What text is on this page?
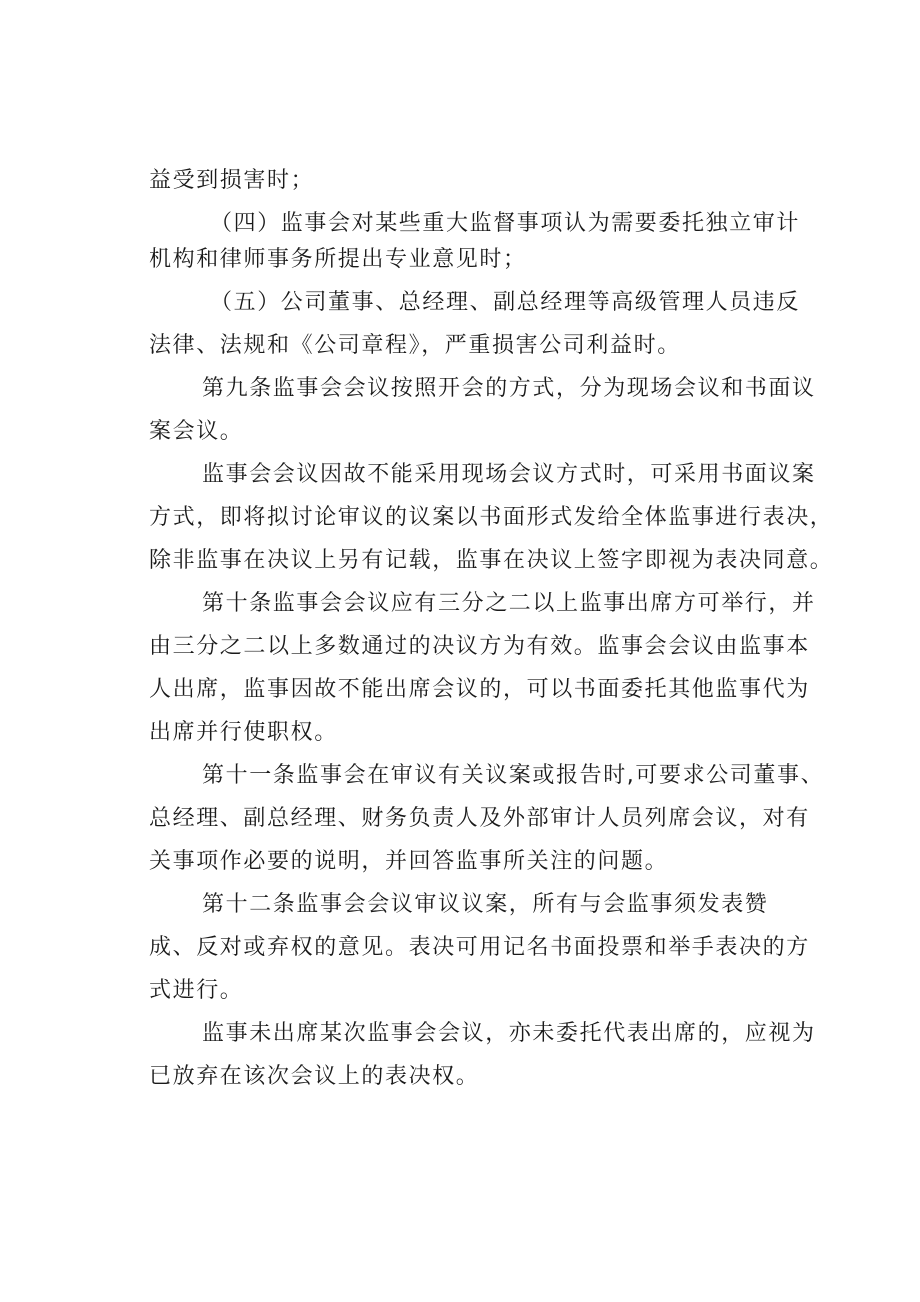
益受到损害时；
（四）监事会对某些重大监督事项认为需要委托独立审计
机构和律师事务所提出专业意见时；
（五）公司董事、总经理、副总经理等高级管理人员违反
法律、法规和《公司章程》，严重损害公司利益时。
第九条监事会会议按照开会的方式，分为现场会议和书面议
案会议。
监事会会议因故不能采用现场会议方式时，可采用书面议案
方式，即将拟讨论审议的议案以书面形式发给全体监事进行表决，
除非监事在决议上另有记载，监事在决议上签字即视为表决同意。
第十条监事会会议应有三分之二以上监事出席方可举行，并
由三分之二以上多数通过的决议方为有效。监事会会议由监事本
人出席，监事因故不能出席会议的，可以书面委托其他监事代为
出席并行使职权。
第十一条监事会在审议有关议案或报告时,可要求公司董事、
总经理、副总经理、财务负责人及外部审计人员列席会议，对有
关事项作必要的说明，并回答监事所关注的问题。
第十二条监事会会议审议议案，所有与会监事须发表赞
成、反对或弃权的意见。表决可用记名书面投票和举手表决的方
式进行。
监事未出席某次监事会会议，亦未委托代表出席的，应视为
已放弃在该次会议上的表决权。
